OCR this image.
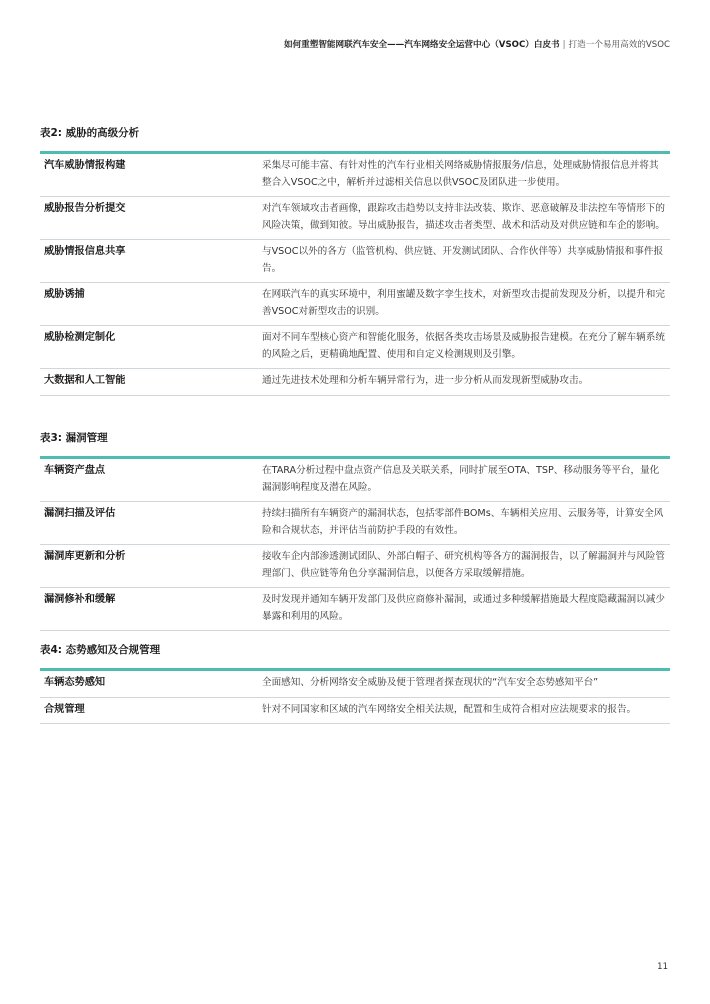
如何重塑智能网联汽车安全——汽车网络安全运营中心（VSOC）白皮书 | 打造一个易用高效的VSOC
表2: 威胁的高级分析
汽车威胁情报构建	采集尽可能丰富、有针对性的汽车行业相关网络威胁情报服务/信息，处理威胁情报信息并将其整合入VSOC之中，解析并过滤相关信息以供VSOC及团队进一步使用。
威胁报告分析提交	对汽车领域攻击者画像，跟踪攻击趋势以支持非法改装、欺诈、恶意破解及非法控车等情形下的风险决策，做到知彼。导出威胁报告，描述攻击者类型、战术和活动及对供应链和车企的影响。
威胁情报信息共享	与VSOC以外的各方（监管机构、供应链、开发测试团队、合作伙伴等）共享威胁情报和事件报告。
威胁诱捕	在网联汽车的真实环境中，利用蜜罐及数字孪生技术，对新型攻击提前发现及分析，以提升和完善VSOC对新型攻击的识别。
威胁检测定制化	面对不同车型核心资产和智能化服务，依据各类攻击场景及威胁报告建模。在充分了解车辆系统的风险之后，更精确地配置、使用和自定义检测规则及引擎。
大数据和人工智能	通过先进技术处理和分析车辆异常行为，进一步分析从而发现新型威胁攻击。
表3: 漏洞管理
车辆资产盘点	在TARA分析过程中盘点资产信息及关联关系，同时扩展至OTA、TSP、移动服务等平台，量化漏洞影响程度及潜在风险。
漏洞扫描及评估	持续扫描所有车辆资产的漏洞状态，包括零部件BOMs、车辆相关应用、云服务等，计算安全风险和合规状态，并评估当前防护手段的有效性。
漏洞库更新和分析	接收车企内部渗透测试团队、外部白帽子、研究机构等各方的漏洞报告，以了解漏洞并与风险管理部门、供应链等角色分享漏洞信息，以便各方采取缓解措施。
漏洞修补和缓解	及时发现并通知车辆开发部门及供应商修补漏洞，或通过多种缓解措施最大程度隐藏漏洞以减少暴露和利用的风险。
表4: 态势感知及合规管理
车辆态势感知	全面感知、分析网络安全威胁及便于管理者探查现状的“汽车安全态势感知平台”
合规管理	针对不同国家和区域的汽车网络安全相关法规，配置和生成符合相对应法规要求的报告。
11
